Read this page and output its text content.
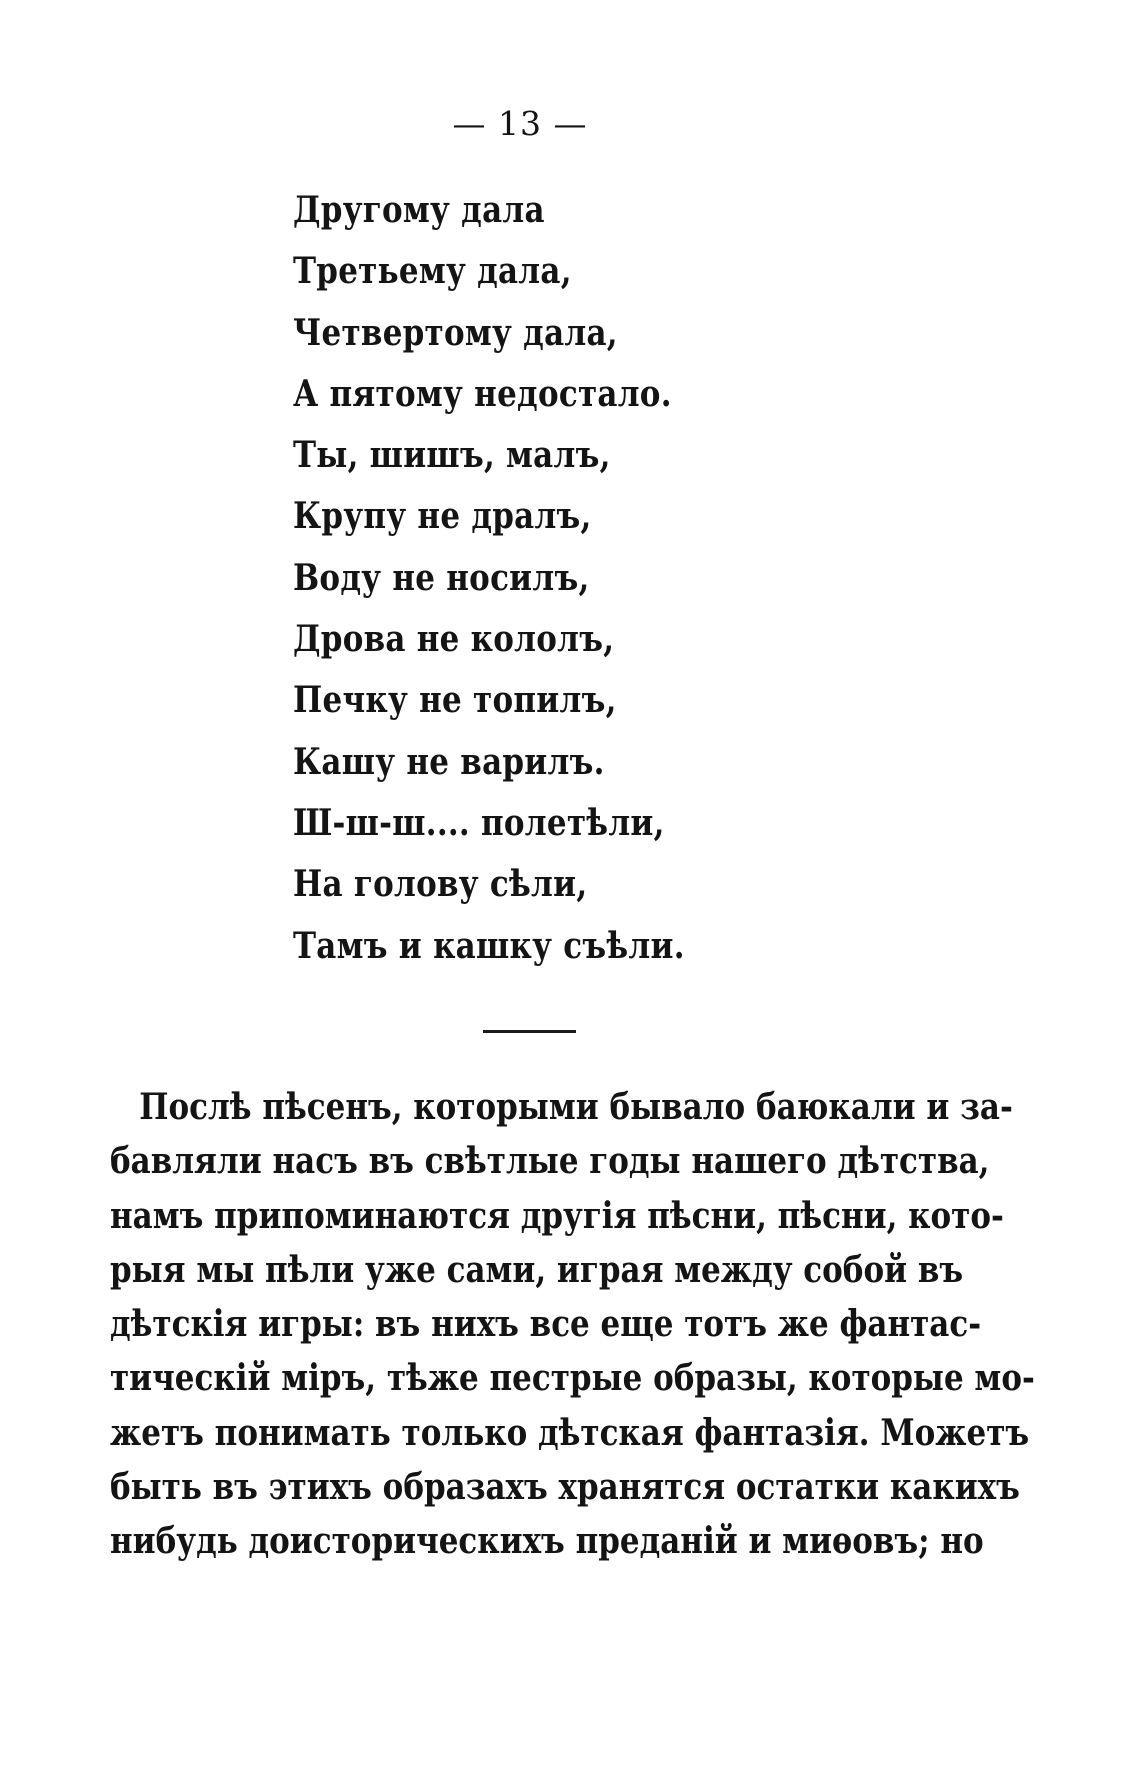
— 13 —
Другому дала
Третьему дала,
Четвертому дала,
А пятому недостало.
Ты, шишъ, малъ,
Крупу не дралъ,
Воду не носилъ,
Дрова не кололъ,
Печку не топилъ,
Кашу не варилъ.
Ш-ш-ш.... полетѣли,
На голову сѣли,
Тамъ и кашку съѣли.
Послѣ пѣсенъ, которыми бывало баюкали и за-
бавляли насъ въ свѣтлые годы нашего дѣтства,
намъ припоминаются другія пѣсни, пѣсни, кото-
рыя мы пѣли уже сами, играя между собой въ
дѣтскія игры: въ нихъ все еще тотъ же фантас-
тическій міръ, тѣже пестрые образы, которые мо-
жетъ понимать только дѣтская фантазія. Можетъ
быть въ этихъ образахъ хранятся остатки какихъ
нибудь доисторическихъ преданій и миѳовъ; но
